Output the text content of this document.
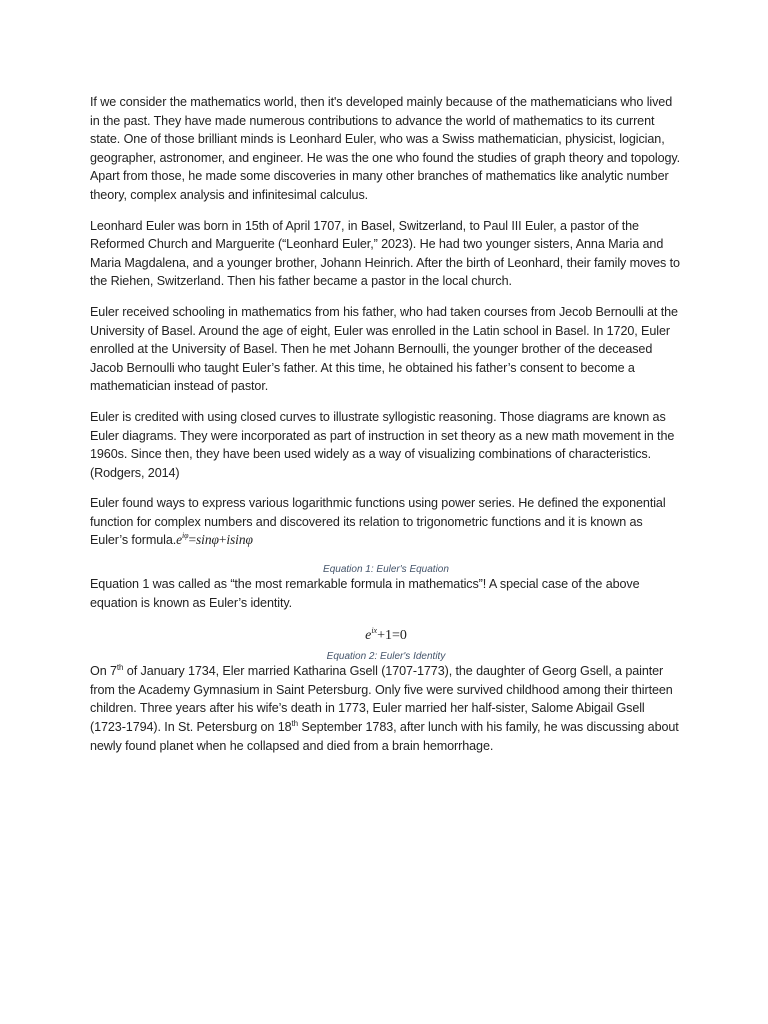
If we consider the mathematics world, then it's developed mainly because of the mathematicians who lived in the past. They have made numerous contributions to advance the world of mathematics to its current state. One of those brilliant minds is Leonhard Euler, who was a Swiss mathematician, physicist, logician, geographer, astronomer, and engineer. He was the one who found the studies of graph theory and topology. Apart from those, he made some discoveries in many other branches of mathematics like analytic number theory, complex analysis and infinitesimal calculus.

Leonhard Euler was born in 15th of April 1707, in Basel, Switzerland, to Paul III Euler, a pastor of the Reformed Church and Marguerite (“Leonhard Euler,” 2023). He had two younger sisters, Anna Maria and Maria Magdalena, and a younger brother, Johann Heinrich. After the birth of Leonhard, their family moves to the Riehen, Switzerland. Then his father became a pastor in the local church.

Euler received schooling in mathematics from his father, who had taken courses from Jecob Bernoulli at the University of Basel. Around the age of eight, Euler was enrolled in the Latin school in Basel. In 1720, Euler enrolled at the University of Basel. Then he met Johann Bernoulli, the younger brother of the deceased Jacob Bernoulli who taught Euler’s father. At this time, he obtained his father’s consent to become a mathematician instead of pastor.

Euler is credited with using closed curves to illustrate syllogistic reasoning. Those diagrams are known as Euler diagrams. They were incorporated as part of instruction in set theory as a new math movement in the 1960s. Since then, they have been used widely as a way of visualizing combinations of characteristics. (Rodgers, 2014)

Euler found ways to express various logarithmic functions using power series. He defined the exponential function for complex numbers and discovered its relation to trigonometric functions and it is known as Euler’s $formula.e^{i\varphi}=\sin\varphi+isin\varphi$

Equation 1: Euler's Equation

Equation 1 was called as “the most remarkable formula in mathematics”! A special case of the above equation is known as Euler’s identity.

$e^{ix}+1=0$

Equation 2: Euler's Identity

On 7th of January 1734, Eler married Katharina Gsell (1707-1773), the daughter of Georg Gsell, a painter from the Academy Gymnasium in Saint Petersburg. Only five were survived childhood among their thirteen children. Three years after his wife’s death in 1773, Euler married her half-sister, Salome Abigail Gsell (1723-1794). In St. Petersburg on 18th September 1783, after lunch with his family, he was discussing about newly found planet when he collapsed and died from a brain hemorrhage.
